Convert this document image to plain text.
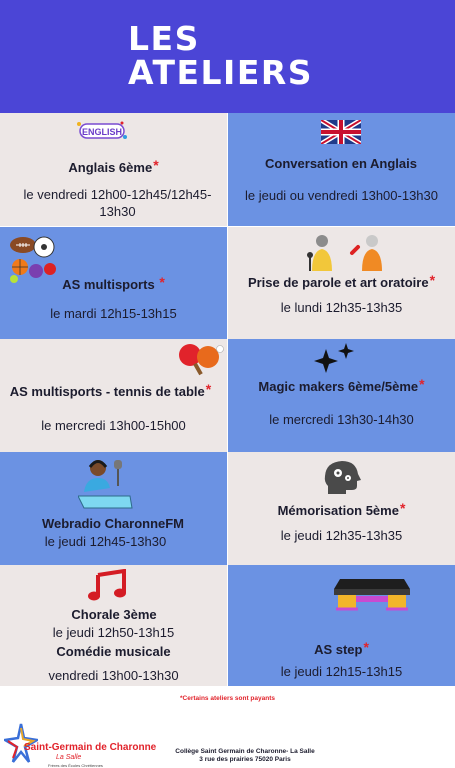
LES
ATELIERS
ENGLISH
Anglais 6ème*
le vendredi 12h00-12h45/12h45-13h30
Conversation en Anglais
le jeudi ou vendredi 13h00-13h30
AS multisports *
le mardi 12h15-13h15
Prise de parole et art oratoire*
le lundi 12h35-13h35
AS multisports - tennis de table*
le mercredi 13h00-15h00
Magic makers 6ème/5ème*
le mercredi 13h30-14h30
Webradio CharonneFM
le jeudi 12h45-13h30
Mémorisation 5ème*
le jeudi 12h35-13h35
Chorale 3ème
le jeudi 12h50-13h15
Comédie musicale
vendredi 13h00-13h30
AS step*
le jeudi 12h15-13h15
*Certains ateliers sont payants
Saint-Germain de Charonne
La Salle
Frères des Écoles Chrétiennes
Collège Saint Germain de Charonne- La Salle
3 rue des prairies 75020 Paris
